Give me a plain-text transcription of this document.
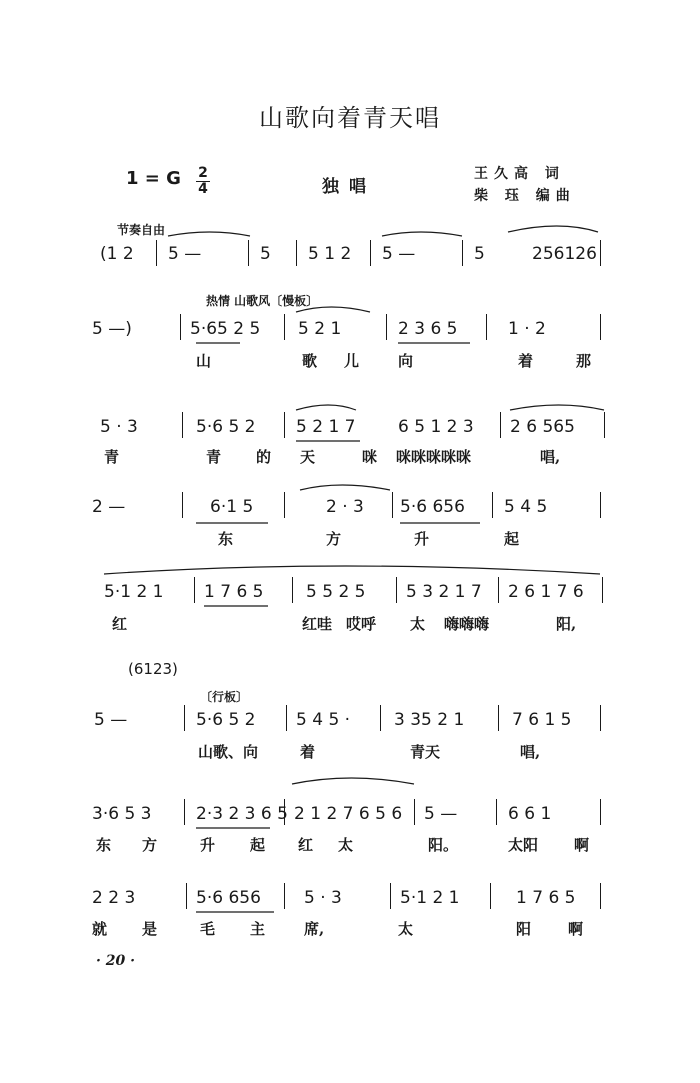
山歌向着青天唱
1 = G $\frac{2}{4}$	独唱
王久高 词
柴 珏 编曲
节奏自由
(1 2 5 —	5 5 1 2 5 —	5	256126
热情 山歌风〔慢板〕
5 —)	5·65 2 5 5 2 1	2 3 6 5	1 · 2
山	歌 儿	向	着	那
5 · 3	5·6 5 2 5 2 1 7	6 5 1 2 3 2 6 565
青	青 的 天	咪 咪咪咪咪咪	唱,
2 —	6·1 5	2 · 3 5·6 656 5 4 5
东	方	升	起
5·1 2 1 1 7 6 5	5 5 2 5 5 3 2 1 7 2 6 1 7 6
红	红哇 哎呼 太 嗨嗨嗨	阳,
(6123)
〔行板〕
5 —	5·6 5 2 5 4 5 ·	3 35 2 1	7 6 1 5
山歌、向	着	青天	唱,
3·6 5 3	2·3 2 3 6 5 2 1 2 7 6 5 6 5 —	6 6 1
东 方	升 起 红 太	阳。	太阳 啊
2 2 3	5·6 656	5 · 3	5·1 2 1	1 7 6 5
就 是	毛 主	席,	太	阳 啊
· 20 ·
